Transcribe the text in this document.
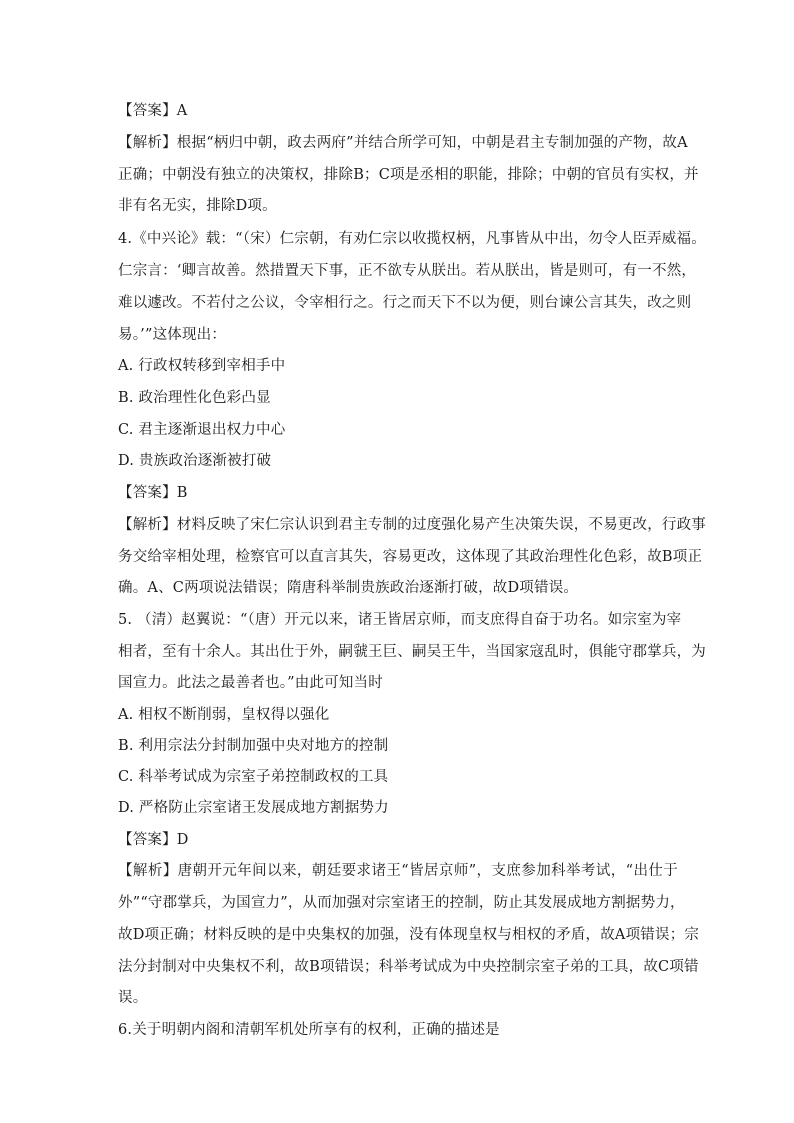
【答案】A
【解析】根据“柄归中朝，政去两府”并结合所学可知，中朝是君主专制加强的产物，故A
正确；中朝没有独立的决策权，排除B；C项是丞相的职能，排除；中朝的官员有实权，并
非有名无实，排除D项。
4.《中兴论》载：“（宋）仁宗朝，有劝仁宗以收揽权柄，凡事皆从中出，勿令人臣弄威福。
仁宗言：‘卿言故善。然措置天下事，正不欲专从朕出。若从朕出，皆是则可，有一不然，
难以遽改。不若付之公议，令宰相行之。行之而天下不以为便，则台谏公言其失，改之则
易。’”这体现出：
A. 行政权转移到宰相手中
B. 政治理性化色彩凸显
C. 君主逐渐退出权力中心
D. 贵族政治逐渐被打破
【答案】B
【解析】材料反映了宋仁宗认识到君主专制的过度强化易产生决策失误，不易更改，行政事
务交给宰相处理，检察官可以直言其失，容易更改，这体现了其政治理性化色彩，故B项正
确。A、C两项说法错误；隋唐科举制贵族政治逐渐打破，故D项错误。
5. （清）赵翼说：“（唐）开元以来，诸王皆居京师，而支庶得自奋于功名。如宗室为宰
相者，至有十余人。其出仕于外，嗣虢王巨、嗣吴王牛，当国家寇乱时，俱能守郡掌兵，为
国宣力。此法之最善者也。”由此可知当时
A. 相权不断削弱，皇权得以强化
B. 利用宗法分封制加强中央对地方的控制
C. 科举考试成为宗室子弟控制政权的工具
D. 严格防止宗室诸王发展成地方割据势力
【答案】D
【解析】唐朝开元年间以来，朝廷要求诸王“皆居京师”，支庶参加科举考试，“出仕于
外”“守郡掌兵，为国宣力”，从而加强对宗室诸王的控制，防止其发展成地方割据势力，
故D项正确；材料反映的是中央集权的加强，没有体现皇权与相权的矛盾，故A项错误；宗
法分封制对中央集权不利，故B项错误；科举考试成为中央控制宗室子弟的工具，故C项错
误。
6.关于明朝内阁和清朝军机处所享有的权利，正确的描述是
